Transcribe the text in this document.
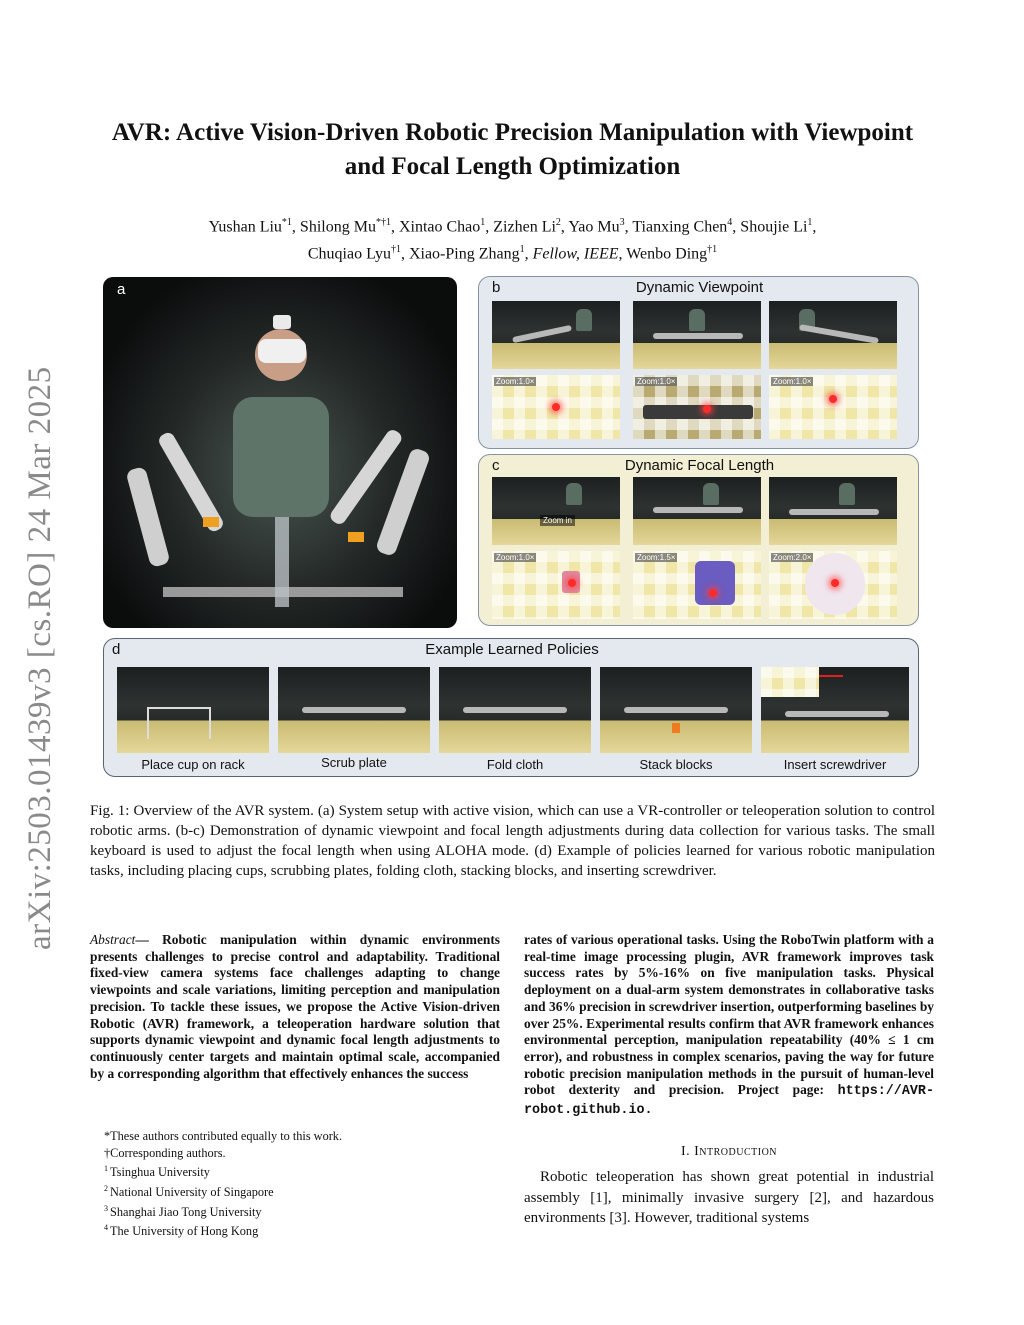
arXiv:2503.01439v3 [cs.RO] 24 Mar 2025
AVR: Active Vision-Driven Robotic Precision Manipulation with Viewpoint and Focal Length Optimization
Yushan Liu$^{*1}$, Shilong Mu$^{*\dagger 1}$, Xintao Chao$^1$, Zizhen Li$^2$, Yao Mu$^3$, Tianxing Chen$^4$, Shoujie Li$^1$,
Chuqiao Lyu$^{\dagger 1}$, Xiao-Ping Zhang$^1$, Fellow, IEEE, Wenbo Ding$^{\dagger 1}$
a	b	Dynamic Viewpoint
Zoom:1.0×	Zoom:1.0×	Zoom:1.0×
c	Dynamic Focal Length
Zoom in
Zoom:1.0×	Zoom:1.5×	Zoom:2.0×
d	Example Learned Policies
Place cup on rack	Scrub plate	Fold cloth	Stack blocks	Insert screwdriver
Fig. 1: Overview of the AVR system. (a) System setup with active vision, which can use a VR-controller or teleoperation solution to control robotic arms. (b-c) Demonstration of dynamic viewpoint and focal length adjustments during data collection for various tasks. The small keyboard is used to adjust the focal length when using ALOHA mode. (d) Example of policies learned for various robotic manipulation tasks, including placing cups, scrubbing plates, folding cloth, stacking blocks, and inserting screwdriver.
Abstract— Robotic manipulation within dynamic environments presents challenges to precise control and adaptability. Traditional fixed-view camera systems face challenges adapting to change viewpoints and scale variations, limiting perception and manipulation precision. To tackle these issues, we propose the Active Vision-driven Robotic (AVR) framework, a teleoperation hardware solution that supports dynamic viewpoint and dynamic focal length adjustments to continuously center targets and maintain optimal scale, accompanied by a corresponding algorithm that effectively enhances the success
rates of various operational tasks. Using the RoboTwin platform with a real-time image processing plugin, AVR framework improves task success rates by 5%-16% on five manipulation tasks. Physical deployment on a dual-arm system demonstrates in collaborative tasks and 36% precision in screwdriver insertion, outperforming baselines by over 25%. Experimental results confirm that AVR framework enhances environmental perception, manipulation repeatability (40% ≤ 1 cm error), and robustness in complex scenarios, paving the way for future robotic precision manipulation methods in the pursuit of human-level robot dexterity and precision. Project page: https://AVR-robot.github.io.
*These authors contributed equally to this work.
†Corresponding authors.
$^1$ Tsinghua University
$^2$ National University of Singapore
$^3$ Shanghai Jiao Tong University
$^4$ The University of Hong Kong
I. Introduction
Robotic teleoperation has shown great potential in industrial assembly [1], minimally invasive surgery [2], and hazardous environments [3]. However, traditional systems
